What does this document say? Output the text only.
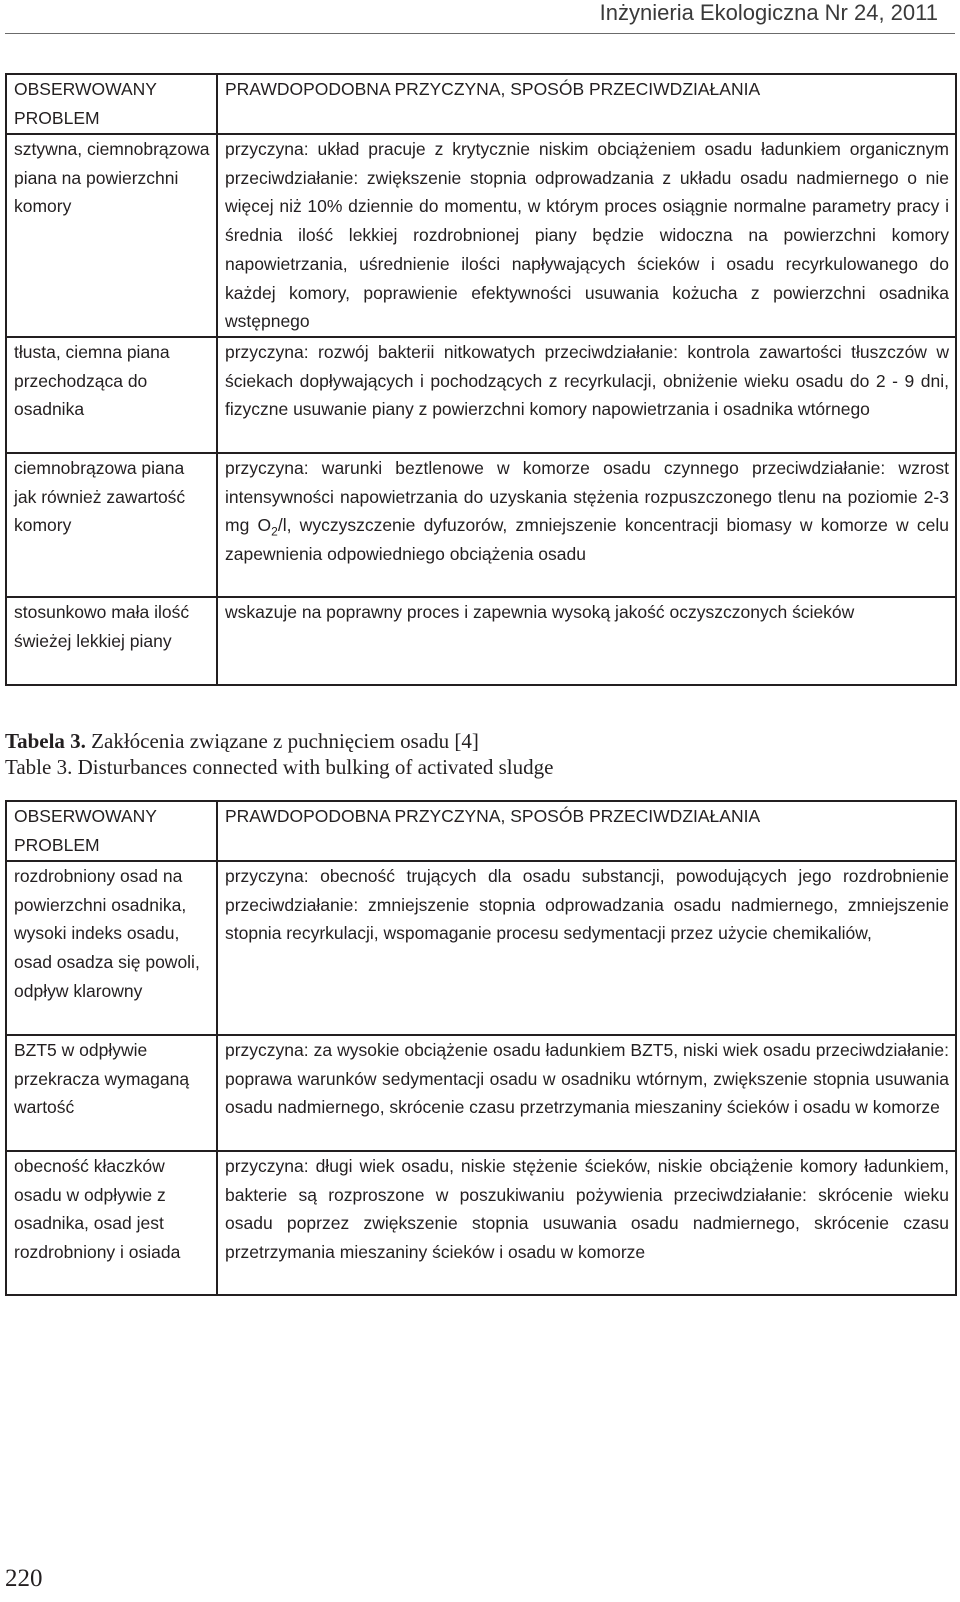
Inżynieria Ekologiczna Nr 24, 2011
OBSERWOWANY PROBLEM	PRAWDOPODOBNA PRZYCZYNA, SPOSÓB PRZECIWDZIAŁANIA
sztywna, ciemnobrązowa piana na powierzchni komory	przyczyna: układ pracuje z krytycznie niskim obciążeniem osadu ładunkiem organicznym przeciwdziałanie: zwiększenie stopnia odprowadzania z układu osadu nadmiernego o nie więcej niż 10% dziennie do momentu, w którym proces osiągnie normalne parametry pracy i średnia ilość lekkiej rozdrobnionej piany będzie widoczna na powierzchni komory napowietrzania, uśrednienie ilości napływających ścieków i osadu recyrkulowanego do każdej komory, poprawienie efektywności usuwania kożucha z powierzchni osadnika wstępnego
tłusta, ciemna piana przechodząca do osadnika	przyczyna: rozwój bakterii nitkowatych przeciwdziałanie: kontrola zawartości tłuszczów w ściekach dopływających i pochodzących z recyrkulacji, obniżenie wieku osadu do 2 - 9 dni, fizyczne usuwanie piany z powierzchni komory napowietrzania i osadnika wtórnego
ciemnobrązowa piana jak również zawartość komory	przyczyna: warunki beztlenowe w komorze osadu czynnego przeciwdziałanie: wzrost intensywności napowietrzania do uzyskania stężenia rozpuszczonego tlenu na poziomie 2-3 mg $O_2/l$, wyczyszczenie dyfuzorów, zmniejszenie koncentracji biomasy w komorze w celu zapewnienia odpowiedniego obciążenia osadu
stosunkowo mała ilość świeżej lekkiej piany	wskazuje na poprawny proces i zapewnia wysoką jakość oczyszczonych ścieków
Tabela 3. Zakłócenia związane z puchnięciem osadu [4]
Table 3. Disturbances connected with bulking of activated sludge
OBSERWOWANY PROBLEM	PRAWDOPODOBNA PRZYCZYNA, SPOSÓB PRZECIWDZIAŁANIA
rozdrobniony osad na powierzchni osadnika, wysoki indeks osadu, osad osadza się powoli, odpływ klarowny	przyczyna: obecność trujących dla osadu substancji, powodujących jego rozdrobnienie przeciwdziałanie: zmniejszenie stopnia odprowadzania osadu nadmiernego, zmniejszenie stopnia recyrkulacji, wspomaganie procesu sedymentacji przez użycie chemikaliów,
BZT5 w odpływie przekracza wymaganą wartość	przyczyna: za wysokie obciążenie osadu ładunkiem BZT5, niski wiek osadu przeciwdziałanie: poprawa warunków sedymentacji osadu w osadniku wtórnym, zwiększenie stopnia usuwania osadu nadmiernego, skrócenie czasu przetrzymania mieszaniny ścieków i osadu w komorze
obecność kłaczków osadu w odpływie z osadnika, osad jest rozdrobniony i osiada	przyczyna: długi wiek osadu, niskie stężenie ścieków, niskie obciążenie komory ładunkiem, bakterie są rozproszone w poszukiwaniu pożywienia przeciwdziałanie: skrócenie wieku osadu poprzez zwiększenie stopnia usuwania osadu nadmiernego, skrócenie czasu przetrzymania mieszaniny ścieków i osadu w komorze
220
